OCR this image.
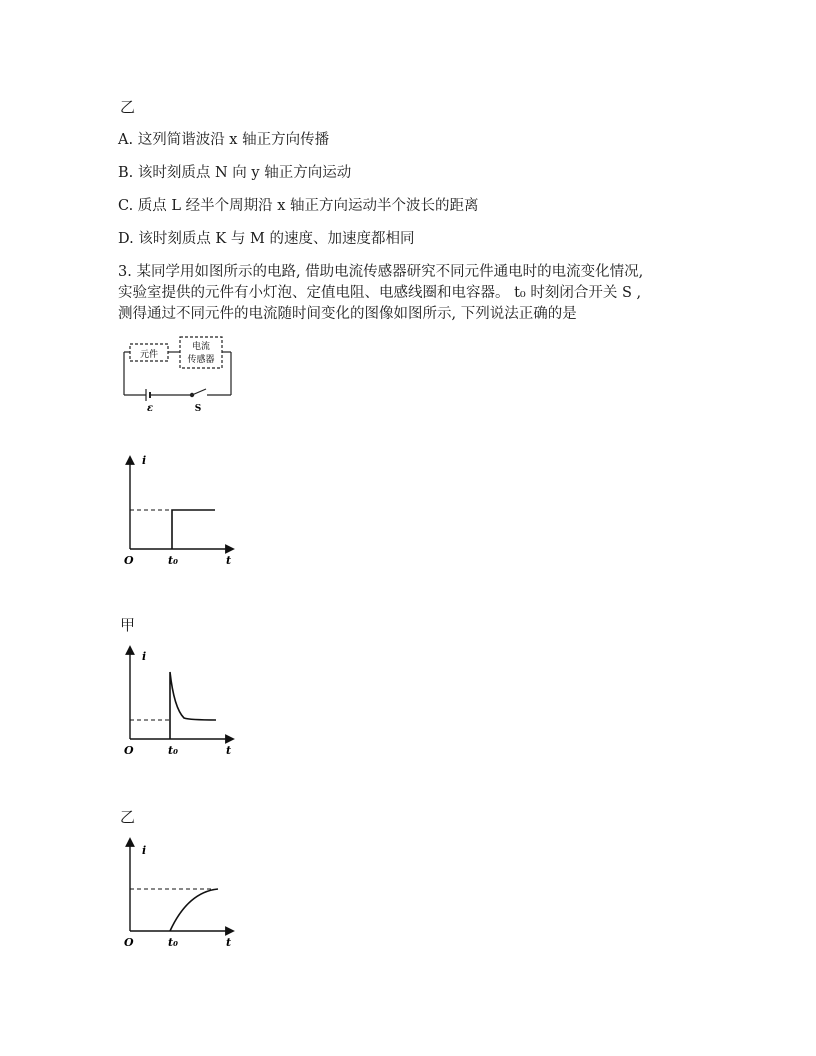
乙
A. 这列简谐波沿 x 轴正方向传播
B. 该时刻质点 N 向 y 轴正方向运动
C. 质点 L 经半个周期沿 x 轴正方向运动半个波长的距离
D. 该时刻质点 K 与 M 的速度、加速度都相同
3. 某同学用如图所示的电路, 借助电流传感器研究不同元件通电时的电流变化情况,
实验室提供的元件有小灯泡、定值电阻、电感线圈和电容器。 t₀ 时刻闭合开关 S ,
测得通过不同元件的电流随时间变化的图像如图所示, 下列说法正确的是
元件
电流
传感器
ε	S
i
O	t₀	t
甲
i
O	t₀	t
乙
i
O	t₀	t
